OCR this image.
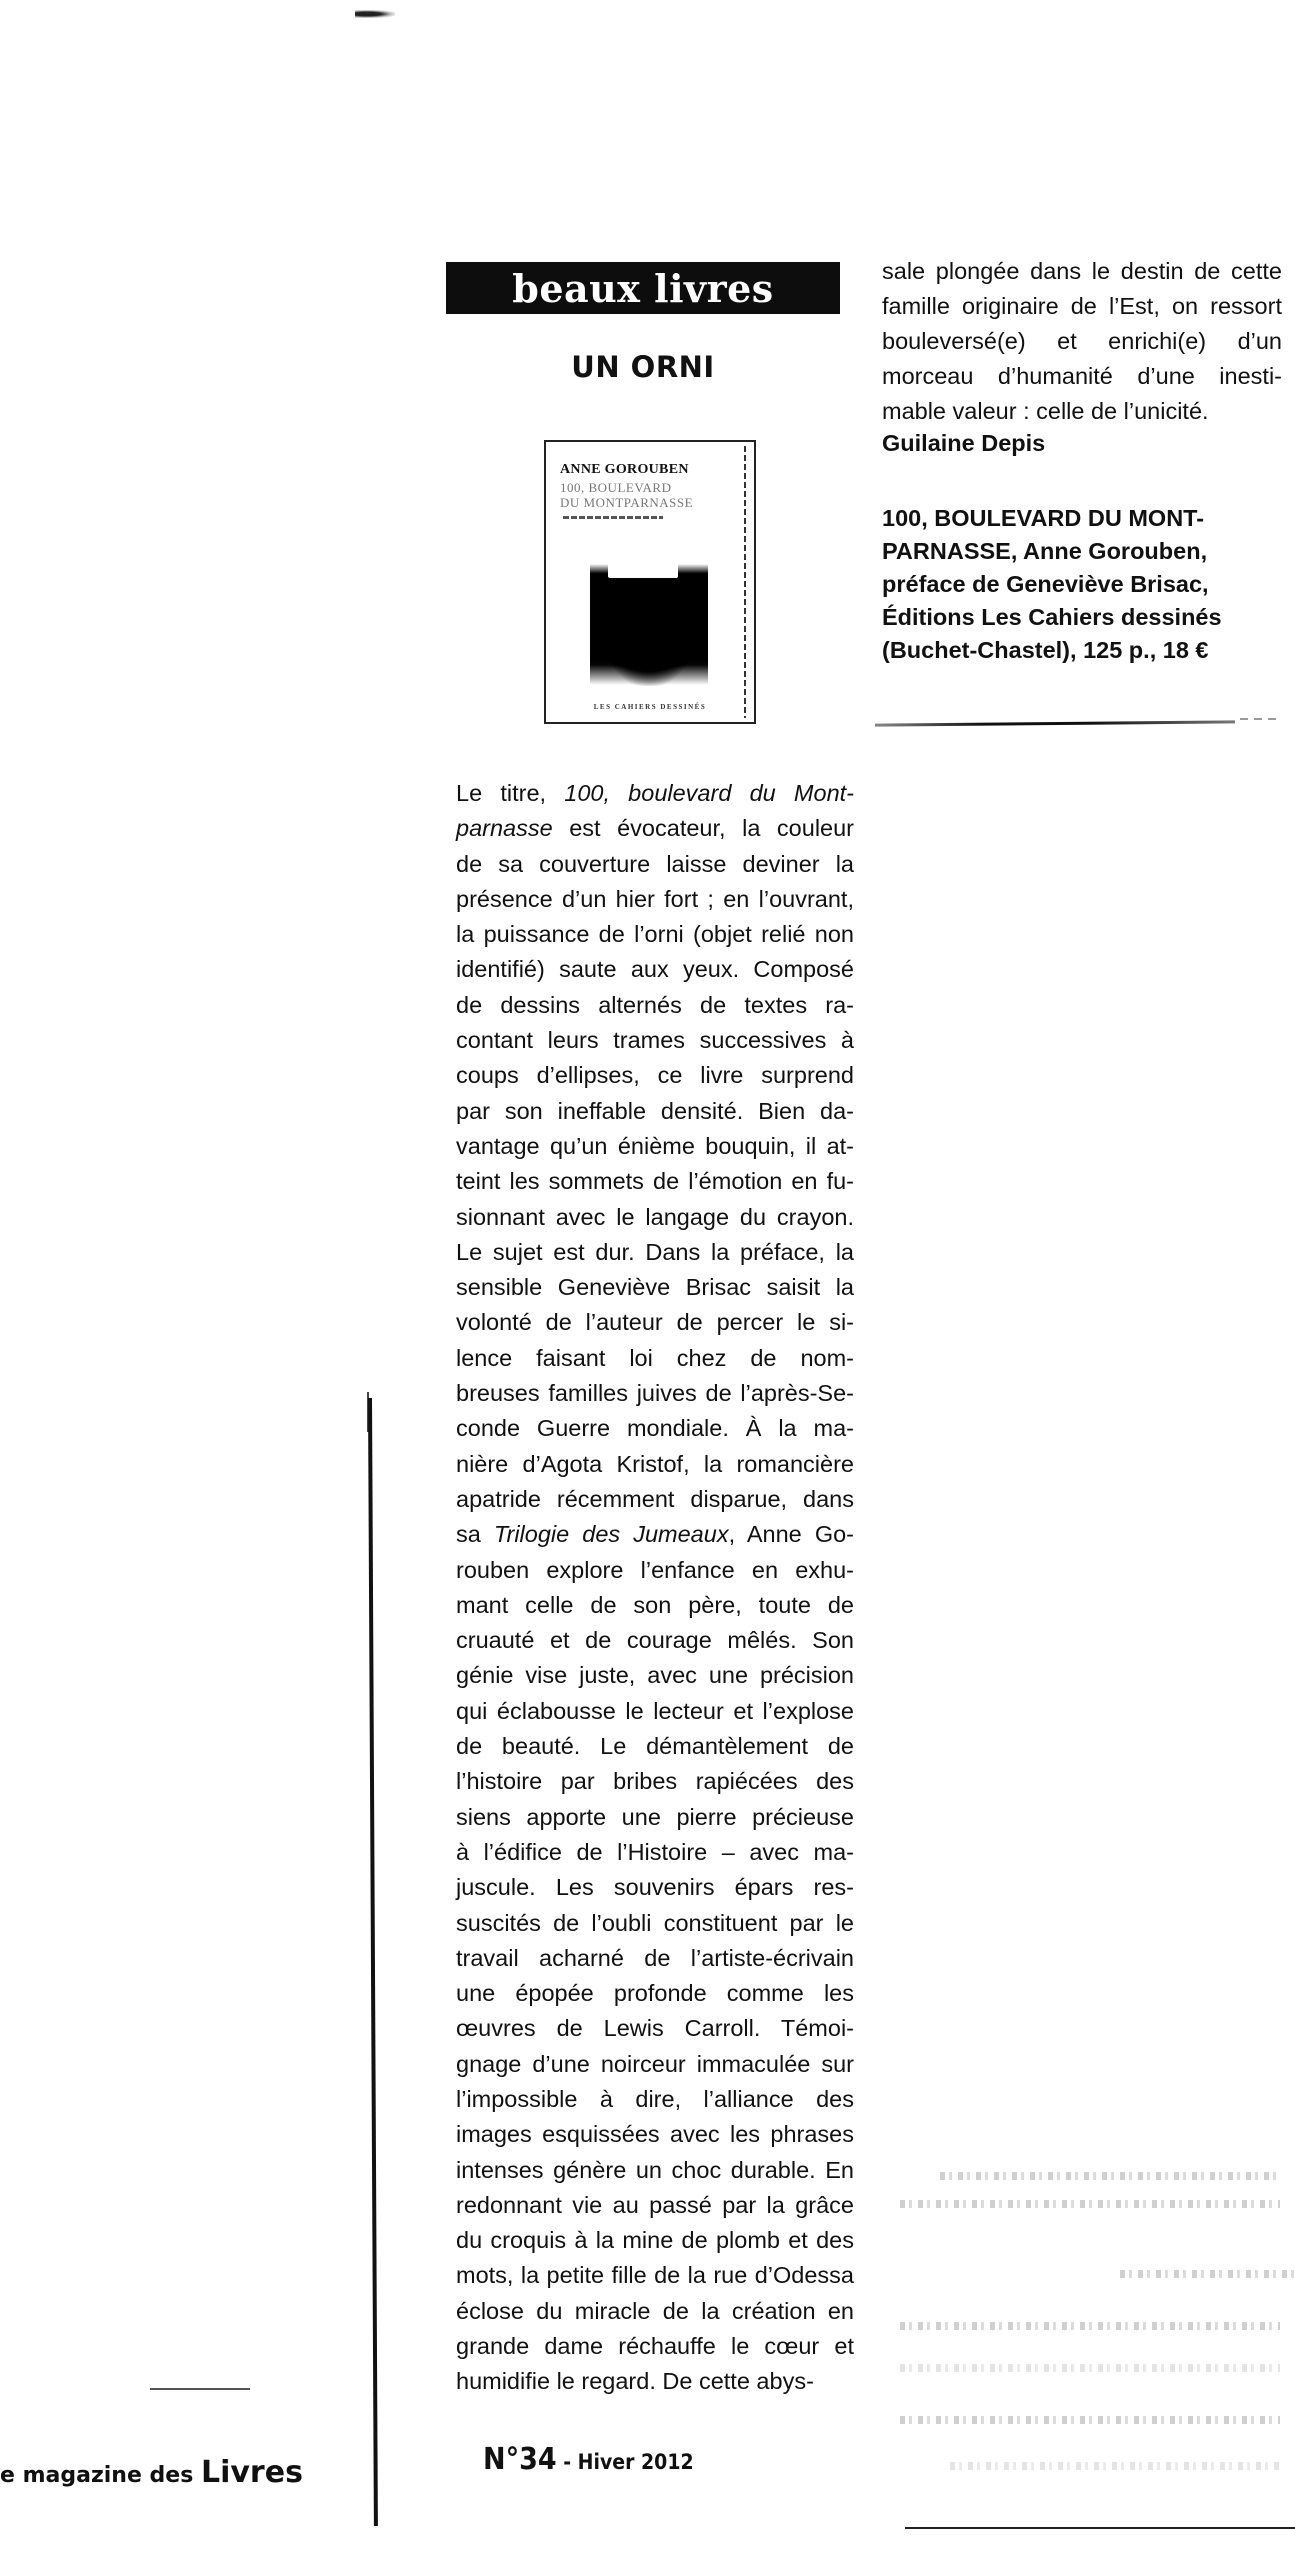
beaux livres
UN ORNI
ANNE GOROUBEN
100, BOULEVARD
DU MONTPARNASSE
LES CAHIERS DESSINÉS
Le titre, 100, boulevard du Mont-
parnasse est évocateur, la couleur
de sa couverture laisse deviner la
présence d’un hier fort ; en l’ouvrant,
la puissance de l’orni (objet relié non
identifié) saute aux yeux. Composé
de dessins alternés de textes ra-
contant leurs trames successives à
coups d’ellipses, ce livre surprend
par son ineffable densité. Bien da-
vantage qu’un énième bouquin, il at-
teint les sommets de l’émotion en fu-
sionnant avec le langage du crayon.
Le sujet est dur. Dans la préface, la
sensible Geneviève Brisac saisit la
volonté de l’auteur de percer le si-
lence faisant loi chez de nom-
breuses familles juives de l’après-Se-
conde Guerre mondiale. À la ma-
nière d’Agota Kristof, la romancière
apatride récemment disparue, dans
sa Trilogie des Jumeaux, Anne Go-
rouben explore l’enfance en exhu-
mant celle de son père, toute de
cruauté et de courage mêlés. Son
génie vise juste, avec une précision
qui éclabousse le lecteur et l’explose
de beauté. Le démantèlement de
l’histoire par bribes rapiécées des
siens apporte une pierre précieuse
à l’édifice de l’Histoire – avec ma-
juscule. Les souvenirs épars res-
suscités de l’oubli constituent par le
travail acharné de l’artiste-écrivain
une épopée profonde comme les
œuvres de Lewis Carroll. Témoi-
gnage d’une noirceur immaculée sur
l’impossible à dire, l’alliance des
images esquissées avec les phrases
intenses génère un choc durable. En
redonnant vie au passé par la grâce
du croquis à la mine de plomb et des
mots, la petite fille de la rue d’Odessa
éclose du miracle de la création en
grande dame réchauffe le cœur et
humidifie le regard. De cette abys-
sale plongée dans le destin de cette
famille originaire de l’Est, on ressort
bouleversé(e) et enrichi(e) d’un
morceau d’humanité d’une inesti-
mable valeur : celle de l’unicité.
Guilaine Depis
100, BOULEVARD DU MONT-
PARNASSE, Anne Gorouben,
préface de Geneviève Brisac,
Éditions Les Cahiers dessinés
(Buchet-Chastel), 125 p., 18 €
e magazine des Livres	N°34 - Hiver 2012
